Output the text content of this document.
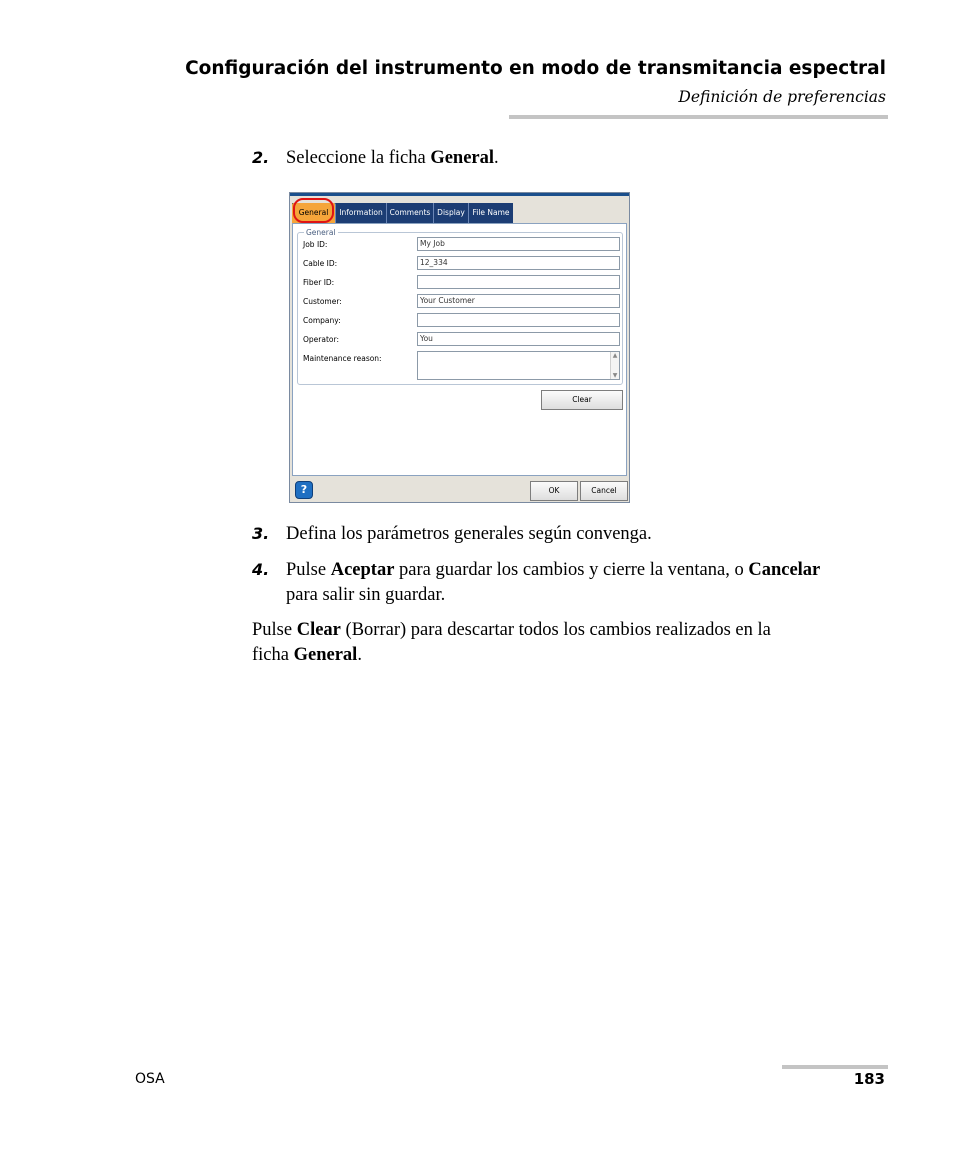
Configuración del instrumento en modo de transmitancia espectral
Definición de preferencias
2. Seleccione la ficha General.
General	Information Comments Display	File Name
General
Job ID:	My Job
Cable ID:	12_334
Fiber ID:
Customer:	Your Customer
Company:
Operator:	You
Maintenance reason:	▲
▼
Clear
?	OK	Cancel
3. Defina los parámetros generales según convenga.
4. Pulse Aceptar para guardar los cambios y cierre la ventana, o Cancelar
para salir sin guardar.
Pulse Clear (Borrar) para descartar todos los cambios realizados en la
ficha General.
OSA	183
